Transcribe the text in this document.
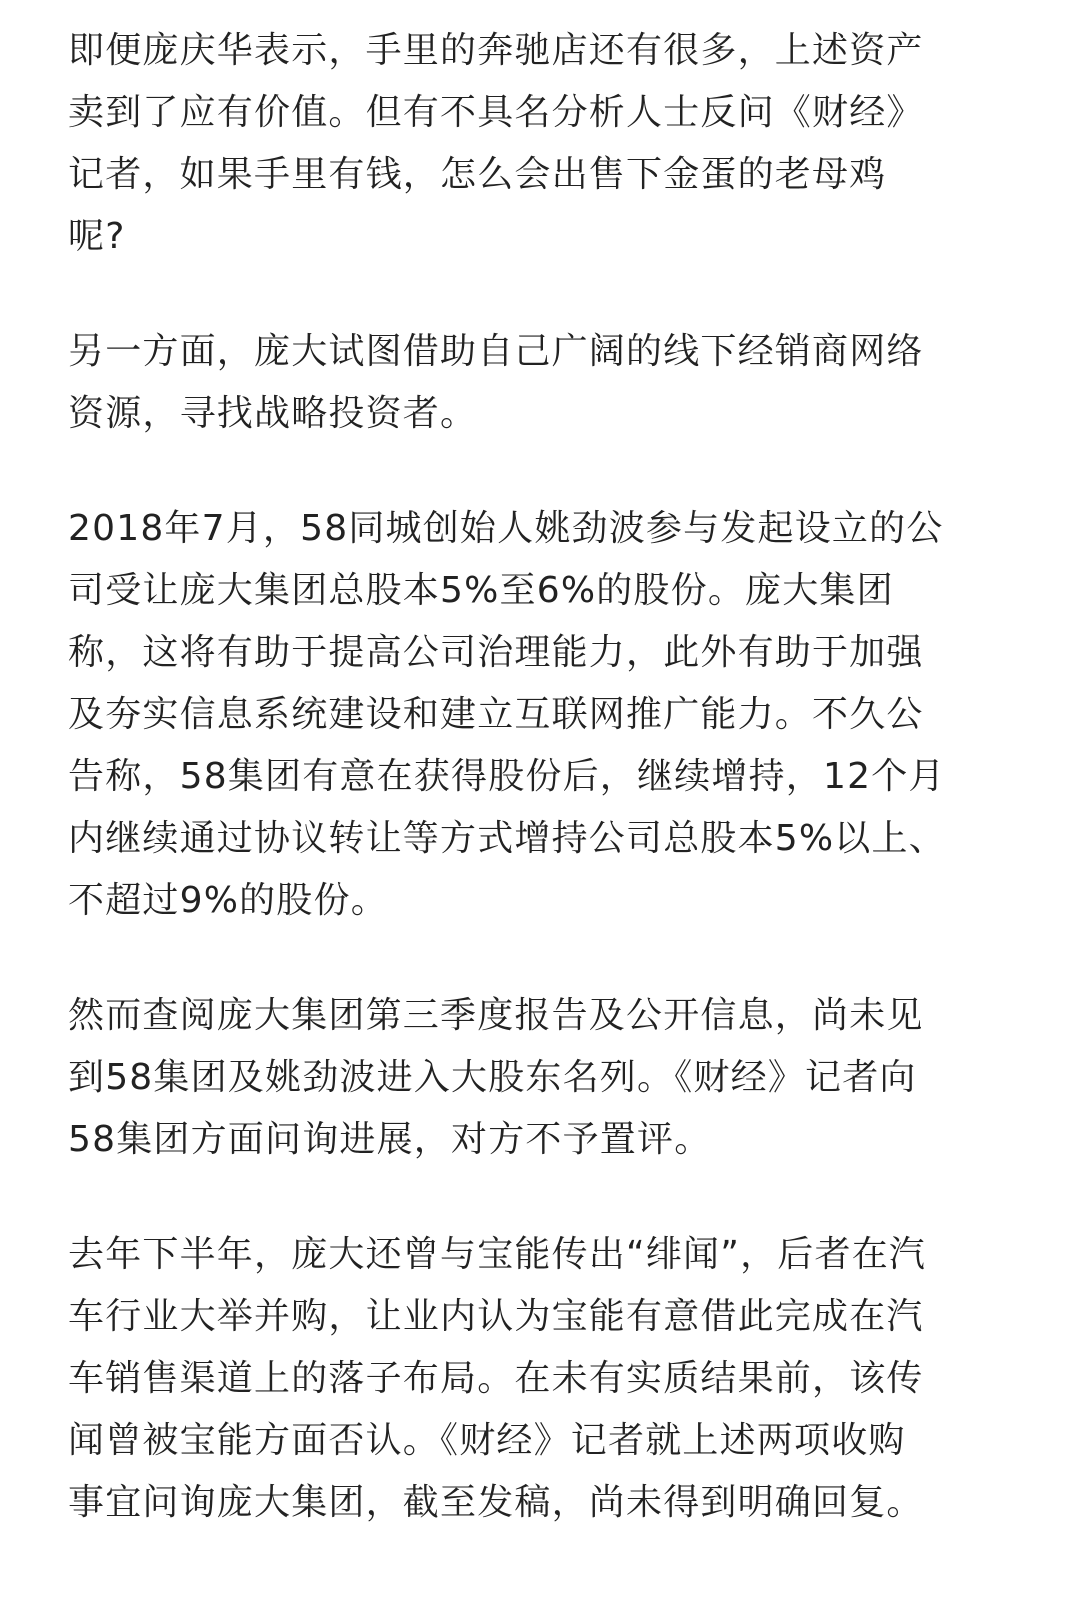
即便庞庆华表示，手里的奔驰店还有很多，上述资产
卖到了应有价值。但有不具名分析人士反问《财经》
记者，如果手里有钱，怎么会出售下金蛋的老母鸡
呢?

另一方面，庞大试图借助自己广阔的线下经销商网络
资源，寻找战略投资者。

2018年7月，58同城创始人姚劲波参与发起设立的公
司受让庞大集团总股本5%至6%的股份。庞大集团
称，这将有助于提高公司治理能力，此外有助于加强
及夯实信息系统建设和建立互联网推广能力。不久公
告称，58集团有意在获得股份后，继续增持，12个月
内继续通过协议转让等方式增持公司总股本5%以上、
不超过9%的股份。

然而查阅庞大集团第三季度报告及公开信息，尚未见
到58集团及姚劲波进入大股东名列。《财经》记者向
58集团方面问询进展，对方不予置评。

去年下半年，庞大还曾与宝能传出“绯闻”，后者在汽
车行业大举并购，让业内认为宝能有意借此完成在汽
车销售渠道上的落子布局。在未有实质结果前，该传
闻曾被宝能方面否认。《财经》记者就上述两项收购
事宜问询庞大集团，截至发稿，尚未得到明确回复。
